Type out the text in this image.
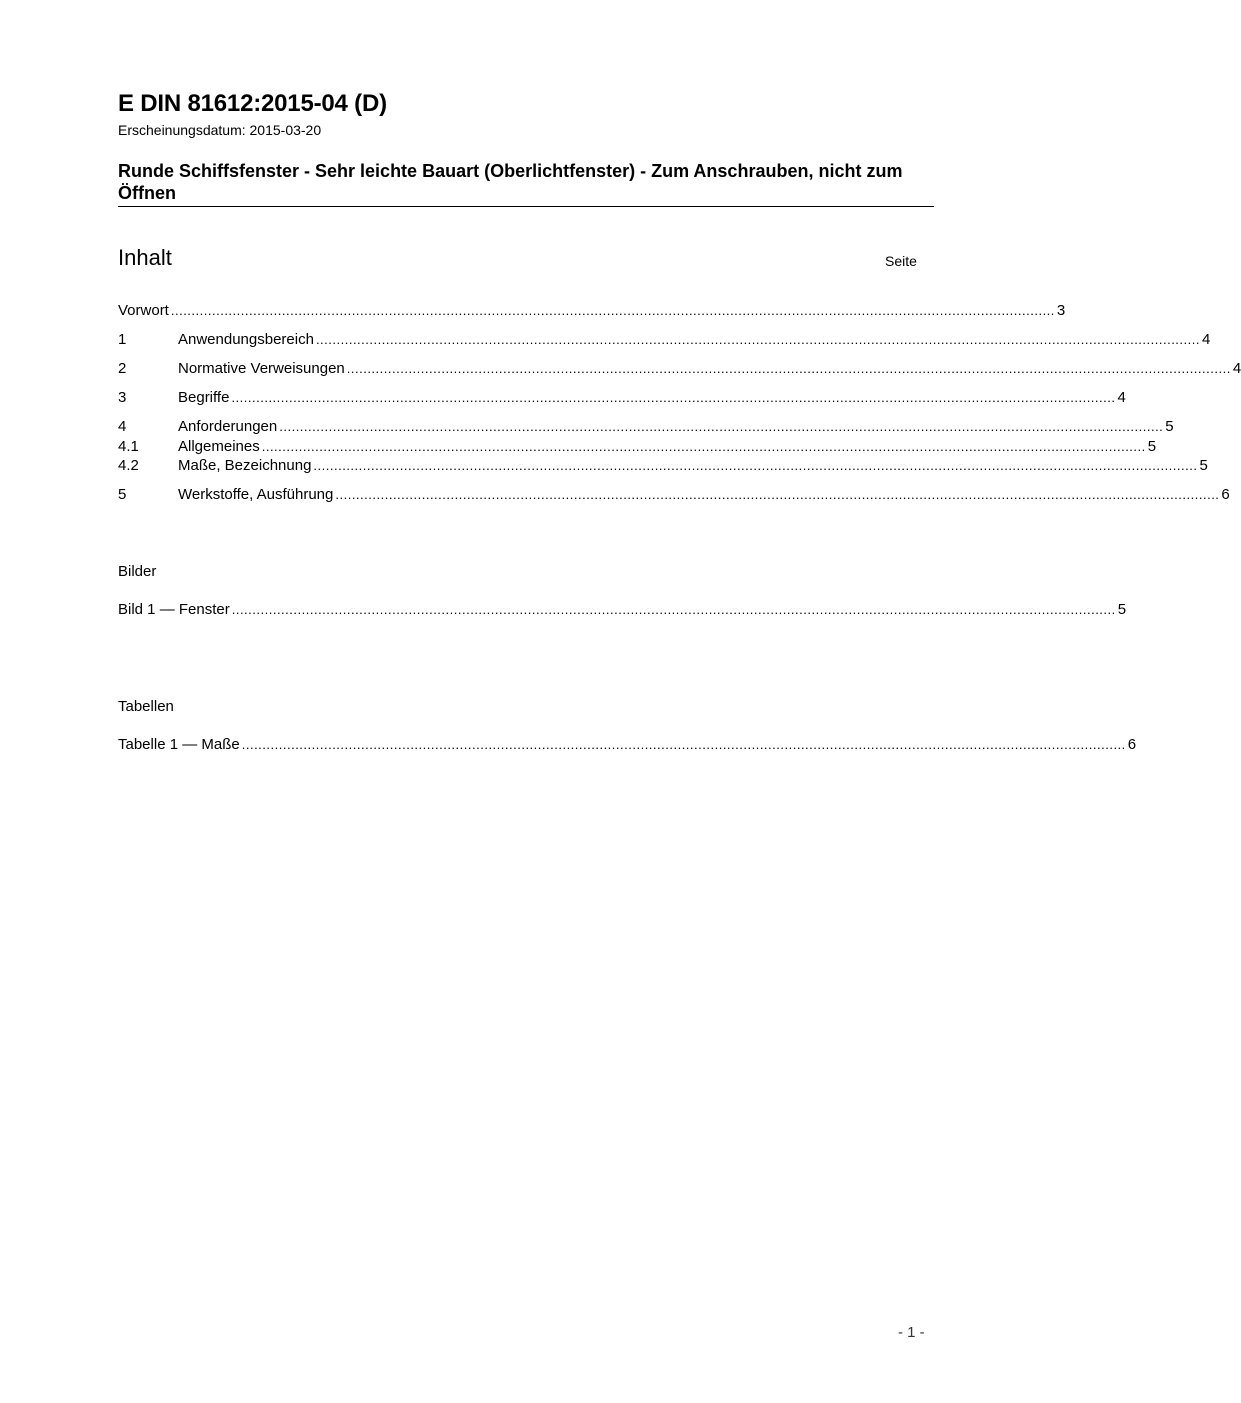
E DIN 81612:2015-04 (D)
Erscheinungsdatum: 2015-03-20
Runde Schiffsfenster - Sehr leichte Bauart (Oberlichtfenster) - Zum Anschrauben, nicht zum Öffnen
Inhalt	Seite
Vorwort ....................................................................................................................................................................................................................... 3
1	Anwendungsbereich ....................................................................................................................................................................................................................... 4
2	Normative Verweisungen ....................................................................................................................................................................................................................... 4
3	Begriffe ....................................................................................................................................................................................................................... 4
4	Anforderungen ....................................................................................................................................................................................................................... 5
4.1	Allgemeines ....................................................................................................................................................................................................................... 5
4.2	Maße, Bezeichnung ....................................................................................................................................................................................................................... 5
5	Werkstoffe, Ausführung ....................................................................................................................................................................................................................... 6
Bilder
Bild 1 — Fenster ....................................................................................................................................................................................................................... 5
Tabellen
Tabelle 1 — Maße ....................................................................................................................................................................................................................... 6
- 1 -
